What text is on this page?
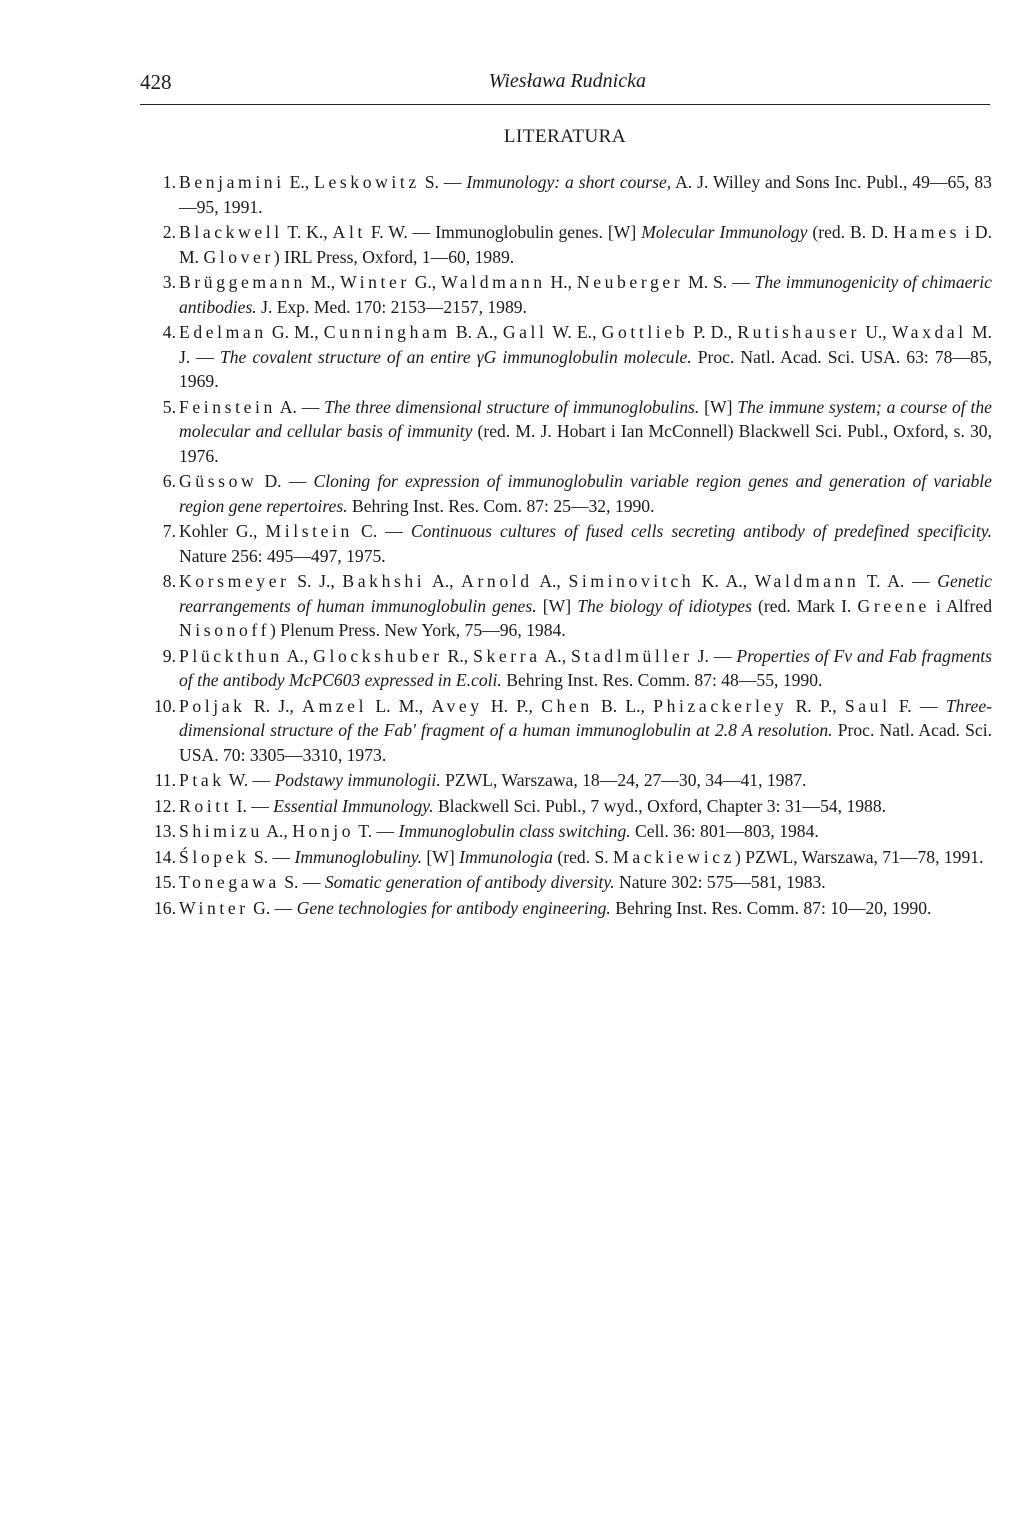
428	Wiesława Rudnicka
LITERATURA
1. Benjamini E., Leskowitz S. — Immunology: a short course, A. J. Willey and Sons Inc. Publ., 49—65, 83—95, 1991.
2. Blackwell T. K., Alt F. W. — Immunoglobulin genes. [W] Molecular Immunology (red. B. D. Hames i D. M. Glover) IRL Press, Oxford, 1—60, 1989.
3. Brüggemann M., Winter G., Waldmann H., Neuberger M. S. — The immunogenicity of chimaeric antibodies. J. Exp. Med. 170: 2153—2157, 1989.
4. Edelman G. M., Cunningham B. A., Gall W. E., Gottlieb P. D., Rutishauser U., Waxdal M. J. — The covalent structure of an entire γG immunoglobulin molecule. Proc. Natl. Acad. Sci. USA. 63: 78—85, 1969.
5. Feinstein A. — The three dimensional structure of immunoglobulins. [W] The immune system; a course of the molecular and cellular basis of immunity (red. M. J. Hobart i Ian McConnell) Blackwell Sci. Publ., Oxford, s. 30, 1976.
6. Güssow D. — Cloning for expression of immunoglobulin variable region genes and generation of variable region gene repertoires. Behring Inst. Res. Com. 87: 25—32, 1990.
7. Kohler G., Milstein C. — Continuous cultures of fused cells secreting antibody of predefined specificity. Nature 256: 495—497, 1975.
8. Korsmeyer S. J., Bakhshi A., Arnold A., Siminovitch K. A., Waldmann T. A. — Genetic rearrangements of human immunoglobulin genes. [W] The biology of idiotypes (red. Mark I. Greene i Alfred Nisonoff) Plenum Press. New York, 75—96, 1984.
9. Plückthun A., Glockshuber R., Skerra A., Stadlmüller J. — Properties of Fv and Fab fragments of the antibody McPC603 expressed in E.coli. Behring Inst. Res. Comm. 87: 48—55, 1990.
10. Poljak R. J., Amzel L. M., Avey H. P., Chen B. L., Phizackerley R. P., Saul F. — Three-dimensional structure of the Fab' fragment of a human immunoglobulin at 2.8 A resolution. Proc. Natl. Acad. Sci. USA. 70: 3305—3310, 1973.
11. Ptak W. — Podstawy immunologii. PZWL, Warszawa, 18—24, 27—30, 34—41, 1987.
12. Roitt I. — Essential Immunology. Blackwell Sci. Publ., 7 wyd., Oxford, Chapter 3: 31—54, 1988.
13. Shimizu A., Honjo T. — Immunoglobulin class switching. Cell. 36: 801—803, 1984.
14. Ślopek S. — Immunoglobuliny. [W] Immunologia (red. S. Mackiewicz) PZWL, Warszawa, 71—78, 1991.
15. Tonegawa S. — Somatic generation of antibody diversity. Nature 302: 575—581, 1983.
16. Winter G. — Gene technologies for antibody engineering. Behring Inst. Res. Comm. 87: 10—20, 1990.
